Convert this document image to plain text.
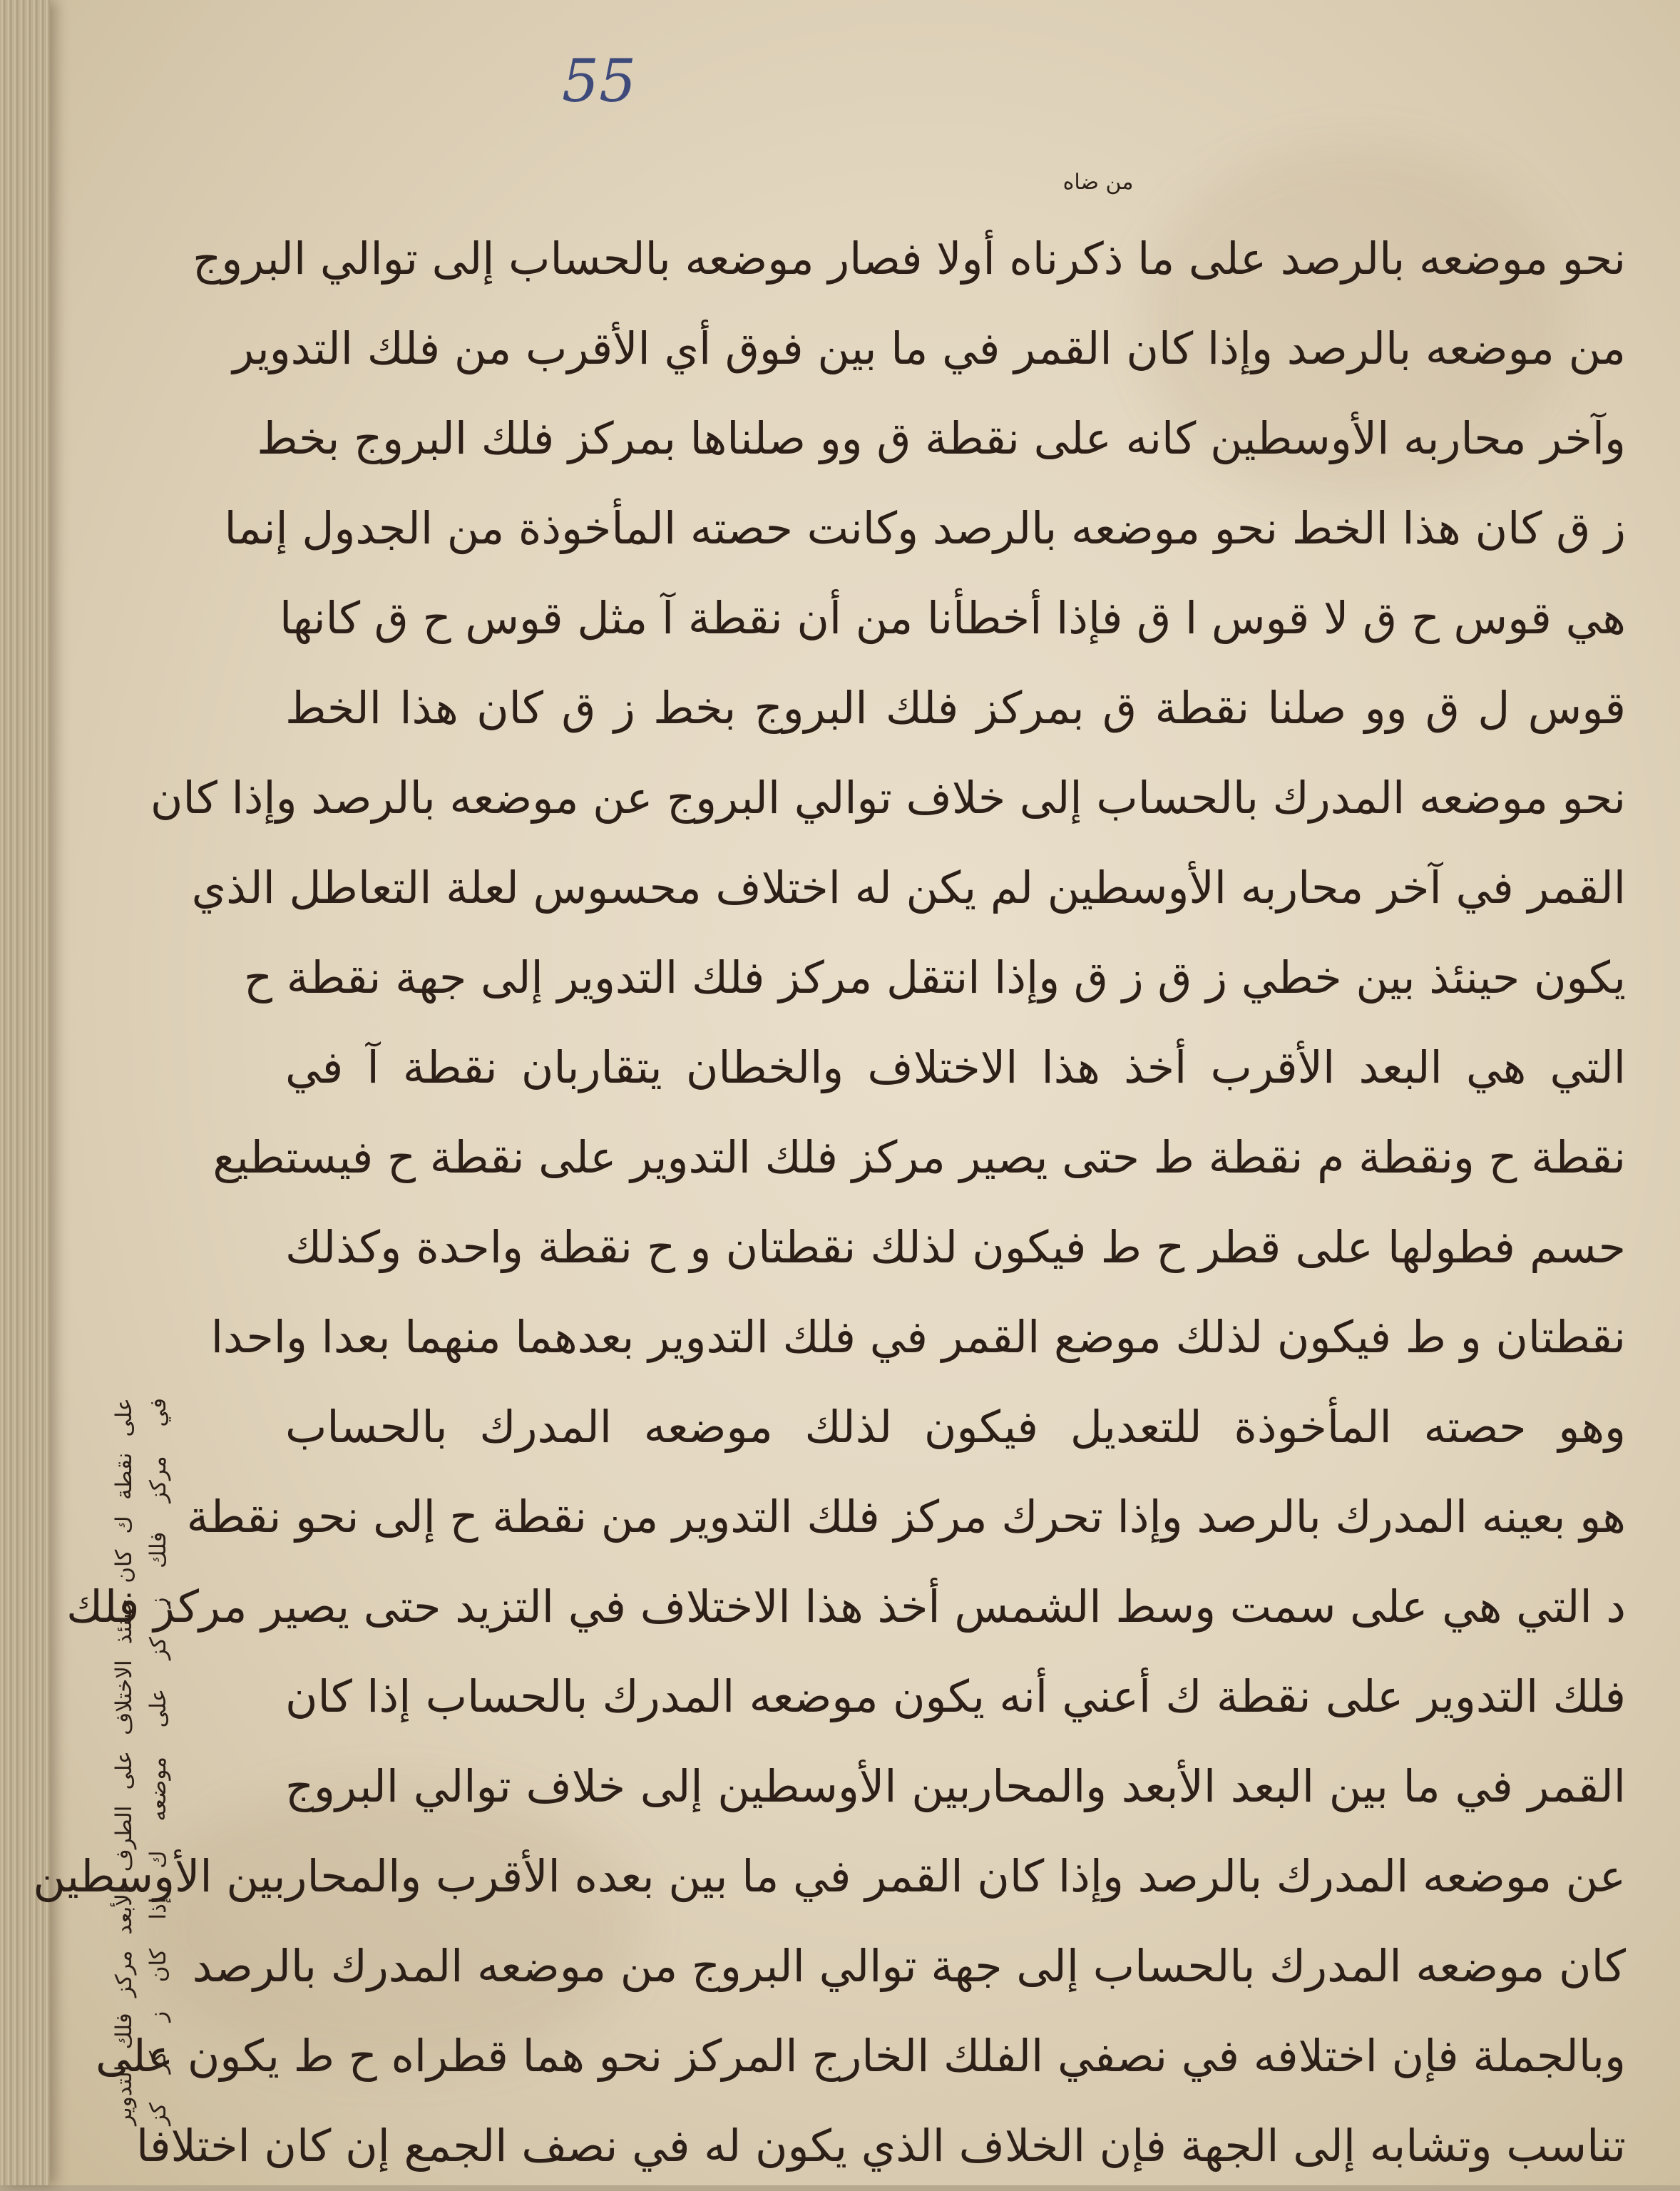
55
من ضاه
نحو موضعه بالرصد على ما ذكرناه أولا فصار موضعه بالحساب إلى توالي البروج
من موضعه بالرصد وإذا كان القمر في ما بين فوق أي الأقرب من فلك التدوير
وآخر محاربه الأوسطين كانه على نقطة ق وو صلناها بمركز فلك البروج بخط
ز ق كان هذا الخط نحو موضعه بالرصد وكانت حصته المأخوذة من الجدول إنما
هي قوس ح ق لا قوس ا ق فإذا أخطأنا من أن نقطة آ مثل قوس ح ق كانها
قوس ل ق وو صلنا نقطة ق بمركز فلك البروج بخط ز ق كان هذا الخط
نحو موضعه المدرك بالحساب إلى خلاف توالي البروج عن موضعه بالرصد وإذا كان
القمر في آخر محاربه الأوسطين لم يكن له اختلاف محسوس لعلة التعاطل الذي
يكون حينئذ بين خطي ز ق ز ق وإذا انتقل مركز فلك التدوير إلى جهة نقطة ح
التي هي البعد الأقرب أخذ هذا الاختلاف والخطان يتقاربان نقطة آ في
نقطة ح ونقطة م نقطة ط حتى يصير مركز فلك التدوير على نقطة ح فيستطيع
حسم فطولها على قطر ح ط فيكون لذلك نقطتان و ح نقطة واحدة وكذلك
نقطتان و ط فيكون لذلك موضع القمر في فلك التدوير بعدهما منهما بعدا واحدا
وهو حصته المأخوذة للتعديل فيكون لذلك موضعه المدرك بالحساب
هو بعينه المدرك بالرصد وإذا تحرك مركز فلك التدوير من نقطة ح إلى نحو نقطة
د التي هي على سمت وسط الشمس أخذ هذا الاختلاف في التزيد حتى يصير مركز فلك
فلك التدوير على نقطة ك أعني أنه يكون موضعه المدرك بالحساب إذا كان
القمر في ما بين البعد الأبعد والمحاربين الأوسطين إلى خلاف توالي البروج
عن موضعه المدرك بالرصد وإذا كان القمر في ما بين بعده الأقرب والمحاربين الأوسطين
كان موضعه المدرك بالحساب إلى جهة توالي البروج من موضعه المدرك بالرصد
وبالجملة فإن اختلافه في نصفي الفلك الخارج المركز نحو هما قطراه ح ط يكون على
تناسب وتشابه إلى الجهة فإن الخلاف الذي يكون له في نصف الجمع إن كان اختلافا
على نقطة ك كان حينئذ الاختلاف على الطرف الأبعد مركز فلك التدوير في مركز فلك ز كز على موضعه ك إذا كان ز كز كز
